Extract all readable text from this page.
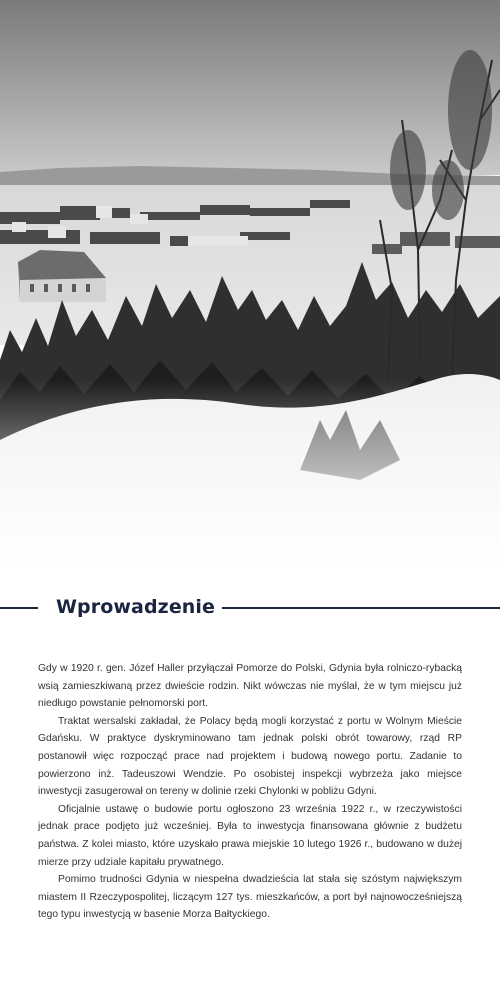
Wprowadzenie

Gdy w 1920 r. gen. Józef Haller przyłączał Pomorze do Polski, Gdynia była rolniczo-rybacką wsią zamieszkiwaną przez dwieście rodzin. Nikt wówczas nie myślał, że w tym miejscu już niedługo powstanie pełnomorski port.

Traktat wersalski zakładał, że Polacy będą mogli korzystać z portu w Wolnym Mieście Gdańsku. W praktyce dyskryminowano tam jednak polski obrót towarowy, rząd RP postanowił więc rozpocząć prace nad projektem i budową nowego portu. Zadanie to powierzono inż. Tadeuszowi Wendzie. Po osobistej inspekcji wybrzeża jako miejsce inwestycji zasugerował on tereny w dolinie rzeki Chylonki w pobliżu Gdyni.

Oficjalnie ustawę o budowie portu ogłoszono 23 września 1922 r., w rzeczywistości jednak prace podjęto już wcześniej. Była to inwestycja finansowana głównie z budżetu państwa. Z kolei miasto, które uzyskało prawa miejskie 10 lutego 1926 r., budowano w dużej mierze przy udziale kapitału prywatnego.

Pomimo trudności Gdynia w niespełna dwadzieścia lat stała się szóstym największym miastem II Rzeczypospolitej, liczącym 127 tys. mieszkańców, a port był najnowocześniejszą tego typu inwestycją w basenie Morza Bałtyckiego.
